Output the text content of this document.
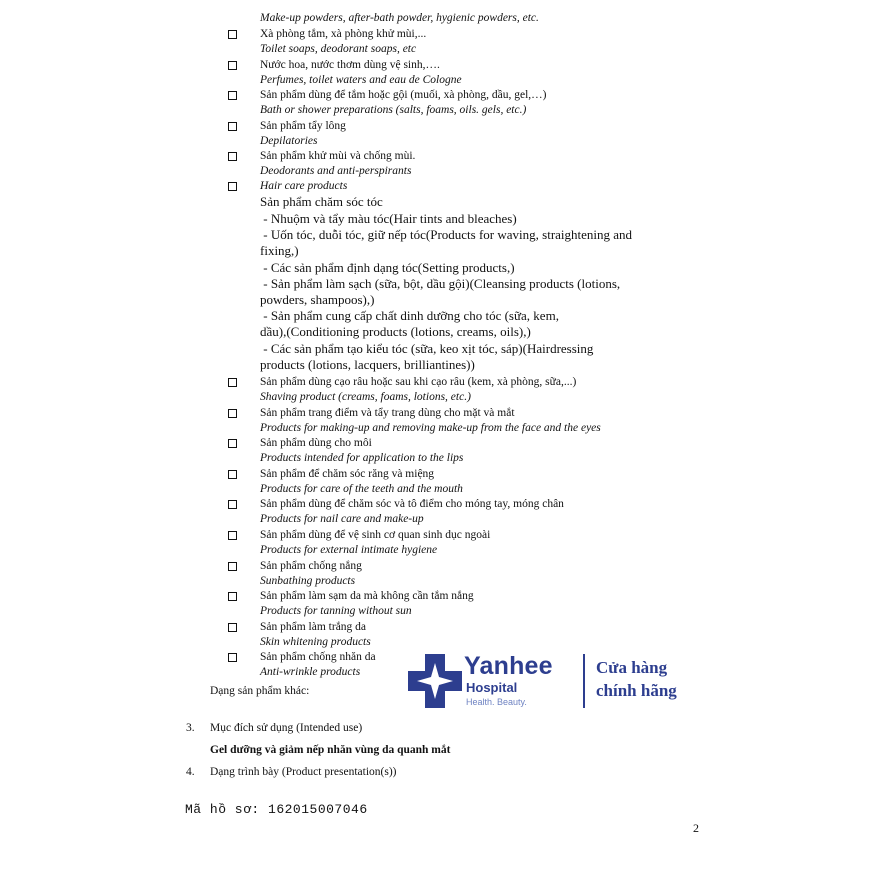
Make-up powders, after-bath powder, hygienic powders, etc.
Xà phòng tắm, xà phòng khử mùi,...
Toilet soaps, deodorant soaps, etc
Nước hoa, nước thơm dùng vệ sinh,….
Perfumes, toilet waters and eau de Cologne
Sản phẩm dùng để tắm hoặc gội (muối, xà phòng, dầu, gel,…)
Bath or shower preparations (salts, foams, oils. gels, etc.)
Sản phẩm tẩy lông
Depilatories
Sản phẩm khử mùi và chống mùi.
Deodorants and anti-perspirants
Hair care products
Sản phẩm chăm sóc tóc
- Nhuộm và tẩy màu tóc(Hair tints and bleaches)
- Uốn tóc, duỗi tóc, giữ nếp tóc(Products for waving, straightening and
fixing,)
- Các sản phẩm định dạng tóc(Setting products,)
- Sản phẩm làm sạch (sữa, bột, dầu gội)(Cleansing products (lotions,
powders, shampoos),)
- Sản phẩm cung cấp chất dinh dưỡng cho tóc (sữa, kem,
dầu),(Conditioning products (lotions, creams, oils),)
- Các sản phẩm tạo kiểu tóc (sữa, keo xịt tóc, sáp)(Hairdressing
products (lotions, lacquers, brilliantines))
Sản phẩm dùng cạo râu hoặc sau khi cạo râu (kem, xà phòng, sữa,...)
Shaving product (creams, foams, lotions, etc.)
Sản phẩm trang điểm và tẩy trang dùng cho mặt và mắt
Products for making-up and removing make-up from the face and the eyes
Sản phẩm dùng cho môi
Products intended for application to the lips
Sản phẩm để chăm sóc răng và miệng
Products for care of the teeth and the mouth
Sản phẩm dùng để chăm sóc và tô điểm cho móng tay, móng chân
Products for nail care and make-up
Sản phẩm dùng để vệ sinh cơ quan sinh dục ngoài
Products for external intimate hygiene
Sản phẩm chống nắng
Sunbathing products
Sản phẩm làm sạm da mà không cần tắm nắng
Products for tanning without sun
Sản phẩm làm trắng da
Skin whitening products
Sản phẩm chống nhăn da
Anti-wrinkle products
Dạng sản phẩm khác:
3. Mục đích sử dụng (Intended use)
Gel dưỡng và giảm nếp nhăn vùng da quanh mắt
4. Dạng trình bày (Product presentation(s))
Mã hồ sơ: 162015007046
2
Yanhee
Hospital
Health. Beauty.
Cửa hàng
chính hãng
